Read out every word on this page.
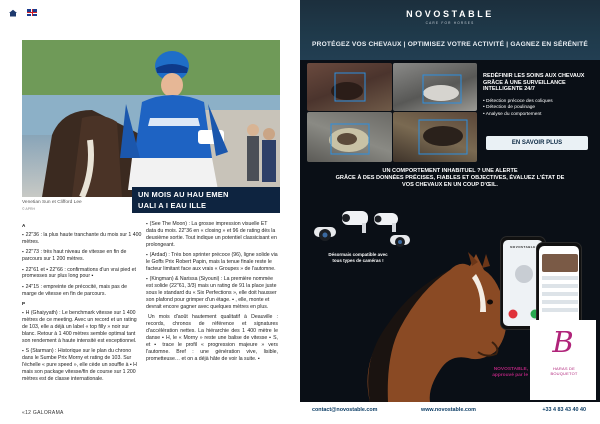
UN MOIS AU HAU EMEN
UALI A I EAU ILLE
Venetian Sun et Clifford Lee
© APRH

A

▪ 22"36 : la plus haute tranchante du mois sur 1 400 mètres.

▪ 22"73 : très haut niveau de vitesse en fin de parcours sur 1 200 mètres.

▪ 22"61 et ▪ 22"66 : confirmations d'un vrai pied et promesses sur plus long pour ▪

▪ 24"15 : empreinte de précocité, mais pas de marge de vitesse en fin de parcours.

P

▪ H (Ghaiyyath) : Le benchmark vitesse sur 1 400 mètres de ce meeting. Avec un record et un rating de 103, elle a déjà un label « top filly » noir sur blanc. Retour à 1 400 mètres semble optimal tant son rendement à haute intensité est exceptionnel.

▪ S (Starman) : Historique sur le plan du chrono dans le Sumbe Prix Morny et rating de 103. Sur l'échelle « pure speed », elle cède un souffle à ▪ H mais son package vitesse/fin de course sur 1 200 mètres est de classe internationale.

▪ (See The Moon) : La grosse impression visuelle ET data du mois. 22"36 en « closing » et 96 de rating dès la deuxième sortie. Tout indique un potentiel classicisant en prolongeant.

▪ (Ardad) : Très bon sprinter précoce (96), ligne solide via le Goffs Prix Robert Papin, mais la tenue finale reste le facteur limitant face aux vrais « Groupes » de l'automne.

▪ (Kingman) & Narissa (Siyouni) : La première nommée est solide (22"61, 3/3) mais un rating de 91 la place juste sous le standard du « Six Perfections », elle doit hausser son plafond pour grimper d'un étage. ▪ , elle, monte et devrait encore gagner avec quelques mètres en plus.

Un mois d'août hautement qualitatif à Deauville : records, chronos de référence et signatures d'accélération nettes. La hiérarchie des 1 400 mètre le danse ▪ H, le « Morny » reste une balise de vitesse ▪ S, et ▪ trace le profil « progression majeure » vers l'automne. Bref : une génération vive, lisible, prometteuse… et on a déjà hâte de voir la suite. ▪

«12 GALORAMA
NOVOSTABLE
CARE FOR HORSES
PROTÉGEZ VOS CHEVAUX | OPTIMISEZ VOTRE ACTIVITÉ | GAGNEZ EN SÉRÉNITÉ
REDÉFINIR LES SOINS AUX CHEVAUX GRÂCE À UNE SURVEILLANCE INTELLIGENTE 24/7
• Détection précoce des coliques
• Détection de poulinage
• Analyse du comportement
EN SAVOIR PLUS
UN COMPORTEMENT INHABITUEL ? UNE ALERTE
GRÂCE À DES DONNÉES PRÉCISES, FIABLES ET OBJECTIVES, ÉVALUEZ L'ÉTAT DE
VOS CHEVAUX EN UN COUP D'ŒIL.
Désormais compatible avec tous types de caméras !
NOVOSTABLE
B
HARAS DE BOUQUETOT
NOVOSTABLE, approuvé par le
contact@novostable.com	www.novostable.com	+33 4 83 43 40 40
